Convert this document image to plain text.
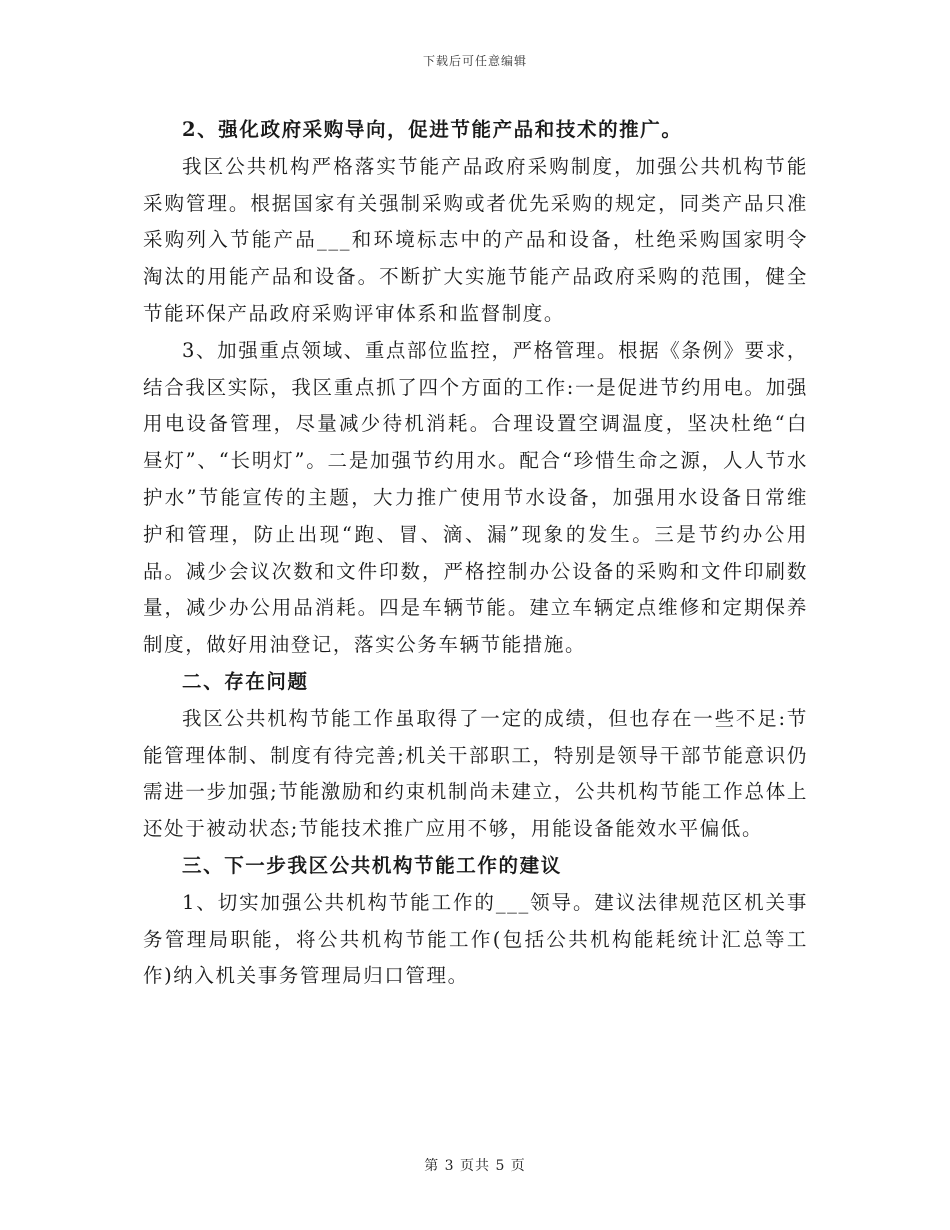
下载后可任意编辑

2、强化政府采购导向，促进节能产品和技术的推广。

我区公共机构严格落实节能产品政府采购制度，加强公共机构节能采购管理。根据国家有关强制采购或者优先采购的规定，同类产品只准采购列入节能产品___和环境标志中的产品和设备，杜绝采购国家明令淘汰的用能产品和设备。不断扩大实施节能产品政府采购的范围，健全节能环保产品政府采购评审体系和监督制度。

3、加强重点领域、重点部位监控，严格管理。根据《条例》要求，结合我区实际，我区重点抓了四个方面的工作:一是促进节约用电。加强用电设备管理，尽量减少待机消耗。合理设置空调温度，坚决杜绝“白昼灯”、“长明灯”。二是加强节约用水。配合“珍惜生命之源，人人节水护水”节能宣传的主题，大力推广使用节水设备，加强用水设备日常维护和管理，防止出现“跑、冒、滴、漏”现象的发生。三是节约办公用品。减少会议次数和文件印数，严格控制办公设备的采购和文件印刷数量，减少办公用品消耗。四是车辆节能。建立车辆定点维修和定期保养制度，做好用油登记，落实公务车辆节能措施。

二、存在问题

我区公共机构节能工作虽取得了一定的成绩，但也存在一些不足:节能管理体制、制度有待完善;机关干部职工，特别是领导干部节能意识仍需进一步加强;节能激励和约束机制尚未建立，公共机构节能工作总体上还处于被动状态;节能技术推广应用不够，用能设备能效水平偏低。

三、下一步我区公共机构节能工作的建议

1、切实加强公共机构节能工作的___领导。建议法律规范区机关事务管理局职能，将公共机构节能工作(包括公共机构能耗统计汇总等工作)纳入机关事务管理局归口管理。

第 3 页共 5 页
